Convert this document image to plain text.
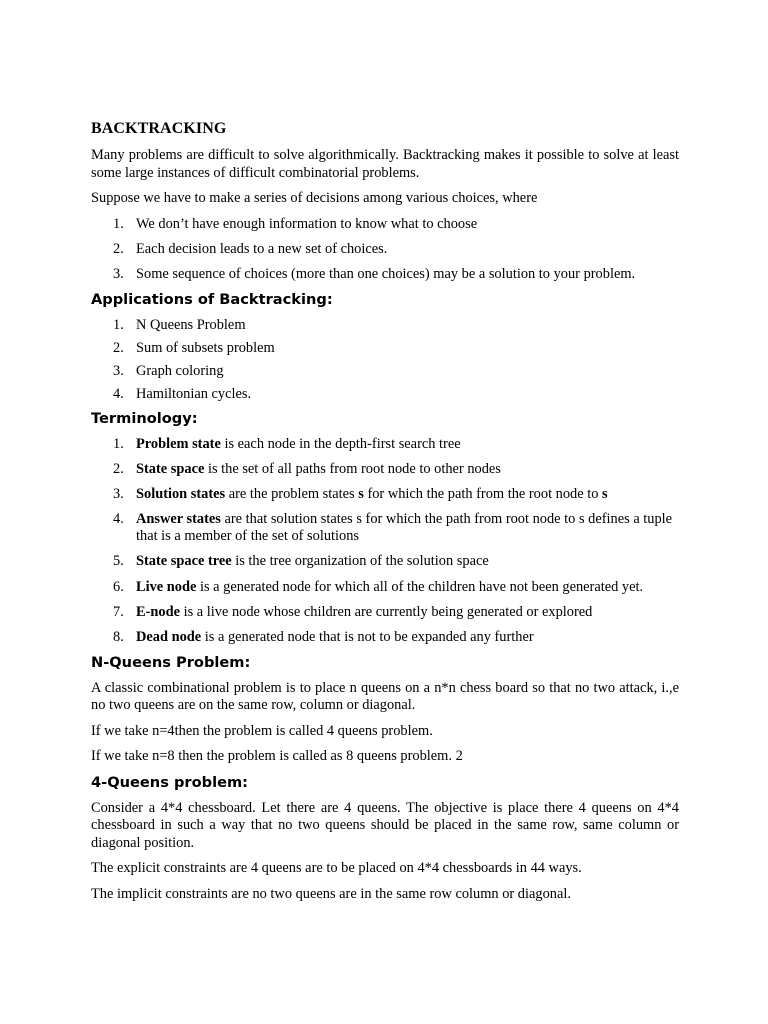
BACKTRACKING

Many problems are difficult to solve algorithmically. Backtracking makes it possible to solve at least some large instances of difficult combinatorial problems.

Suppose we have to make a series of decisions among various choices, where

1. We don’t have enough information to know what to choose
2. Each decision leads to a new set of choices.
3. Some sequence of choices (more than one choices) may be a solution to your problem.
Applications of Backtracking:
1. N Queens Problem
2. Sum of subsets problem
3. Graph coloring
4. Hamiltonian cycles.
Terminology:
1. Problem state is each node in the depth-first search tree
2. State space is the set of all paths from root node to other nodes
3. Solution states are the problem states s for which the path from the root node to s
4. Answer states are that solution states s for which the path from root node to s defines a tuple that is a member of the set of solutions
5. State space tree is the tree organization of the solution space
6. Live node is a generated node for which all of the children have not been generated yet.
7. E-node is a live node whose children are currently being generated or explored
8. Dead node is a generated node that is not to be expanded any further
N-Queens Problem:

A classic combinational problem is to place n queens on a n*n chess board so that no two attack, i.,e no two queens are on the same row, column or diagonal.

If we take n=4then the problem is called 4 queens problem.

If we take n=8 then the problem is called as 8 queens problem. 2

4-Queens problem:

Consider a 4*4 chessboard. Let there are 4 queens. The objective is place there 4 queens on 4*4 chessboard in such a way that no two queens should be placed in the same row, same column or diagonal position.

The explicit constraints are 4 queens are to be placed on 4*4 chessboards in 44 ways.

The implicit constraints are no two queens are in the same row column or diagonal.
